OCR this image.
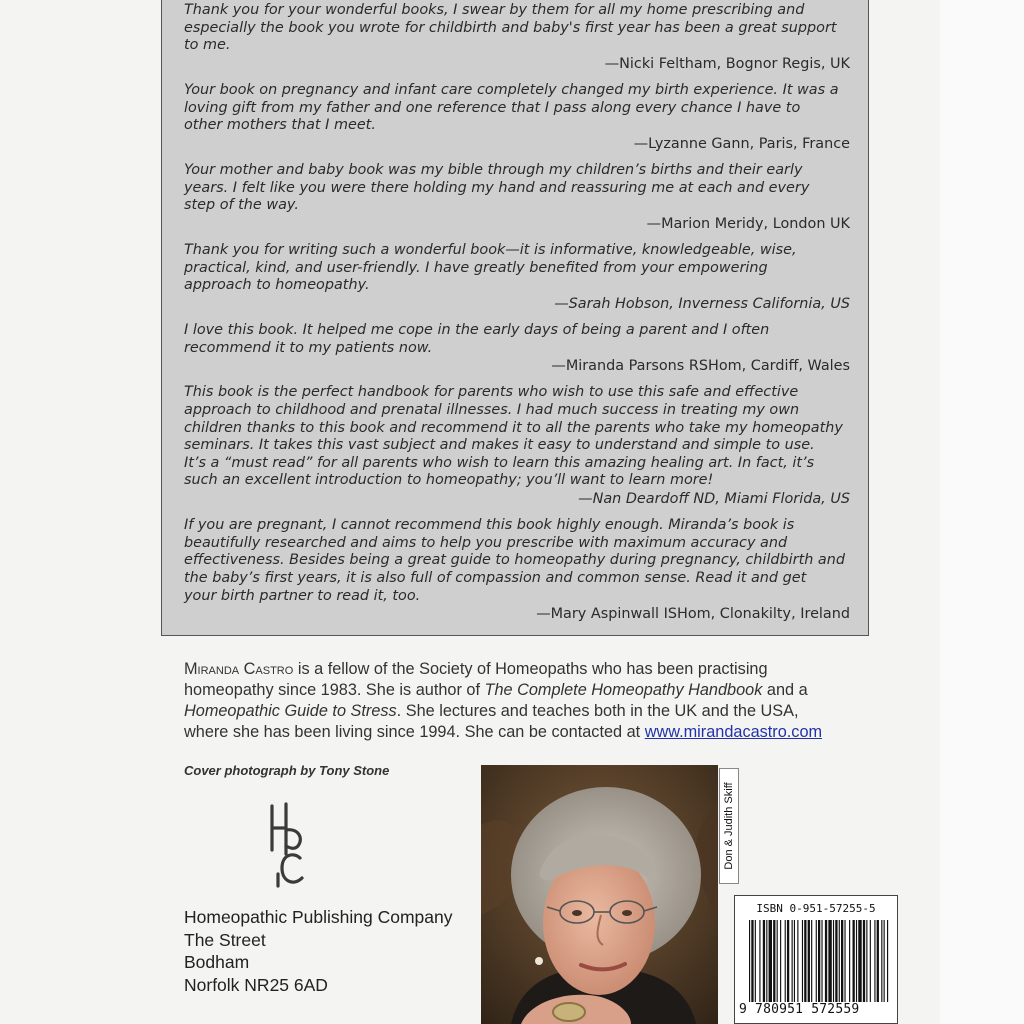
Thank you for your wonderful books, I swear by them for all my home prescribing and
especially the book you wrote for childbirth and baby's first year has been a great support
to me.
—Nicki Feltham, Bognor Regis, UK
Your book on pregnancy and infant care completely changed my birth experience. It was a
loving gift from my father and one reference that I pass along every chance I have to
other mothers that I meet.
—Lyzanne Gann, Paris, France
Your mother and baby book was my bible through my children’s births and their early
years. I felt like you were there holding my hand and reassuring me at each and every
step of the way.
—Marion Meridy, London UK
Thank you for writing such a wonderful book—it is informative, knowledgeable, wise,
practical, kind, and user-friendly. I have greatly benefited from your empowering
approach to homeopathy.
—Sarah Hobson, Inverness California, US
I love this book. It helped me cope in the early days of being a parent and I often
recommend it to my patients now.
—Miranda Parsons RSHom, Cardiff, Wales
This book is the perfect handbook for parents who wish to use this safe and effective
approach to childhood and prenatal illnesses. I had much success in treating my own
children thanks to this book and recommend it to all the parents who take my homeopathy
seminars. It takes this vast subject and makes it easy to understand and simple to use.
It’s a “must read” for all parents who wish to learn this amazing healing art. In fact, it’s
such an excellent introduction to homeopathy; you’ll want to learn more!
—Nan Deardoff ND, Miami Florida, US
If you are pregnant, I cannot recommend this book highly enough. Miranda’s book is
beautifully researched and aims to help you prescribe with maximum accuracy and
effectiveness. Besides being a great guide to homeopathy during pregnancy, childbirth and
the baby’s first years, it is also full of compassion and common sense. Read it and get
your birth partner to read it, too.
—Mary Aspinwall ISHom, Clonakilty, Ireland
Miranda Castro is a fellow of the Society of Homeopaths who has been practising homeopathy since 1983. She is author of The Complete Homeopathy Handbook and a Homeopathic Guide to Stress. She lectures and teaches both in the UK and the USA, where she has been living since 1994. She can be contacted at www.mirandacastro.com
Cover photograph by Tony Stone
Homeopathic Publishing Company
The Street
Bodham
Norfolk NR25 6AD
Don & Judith Skiff
ISBN 0-951-57255-5
9 780951 572559
